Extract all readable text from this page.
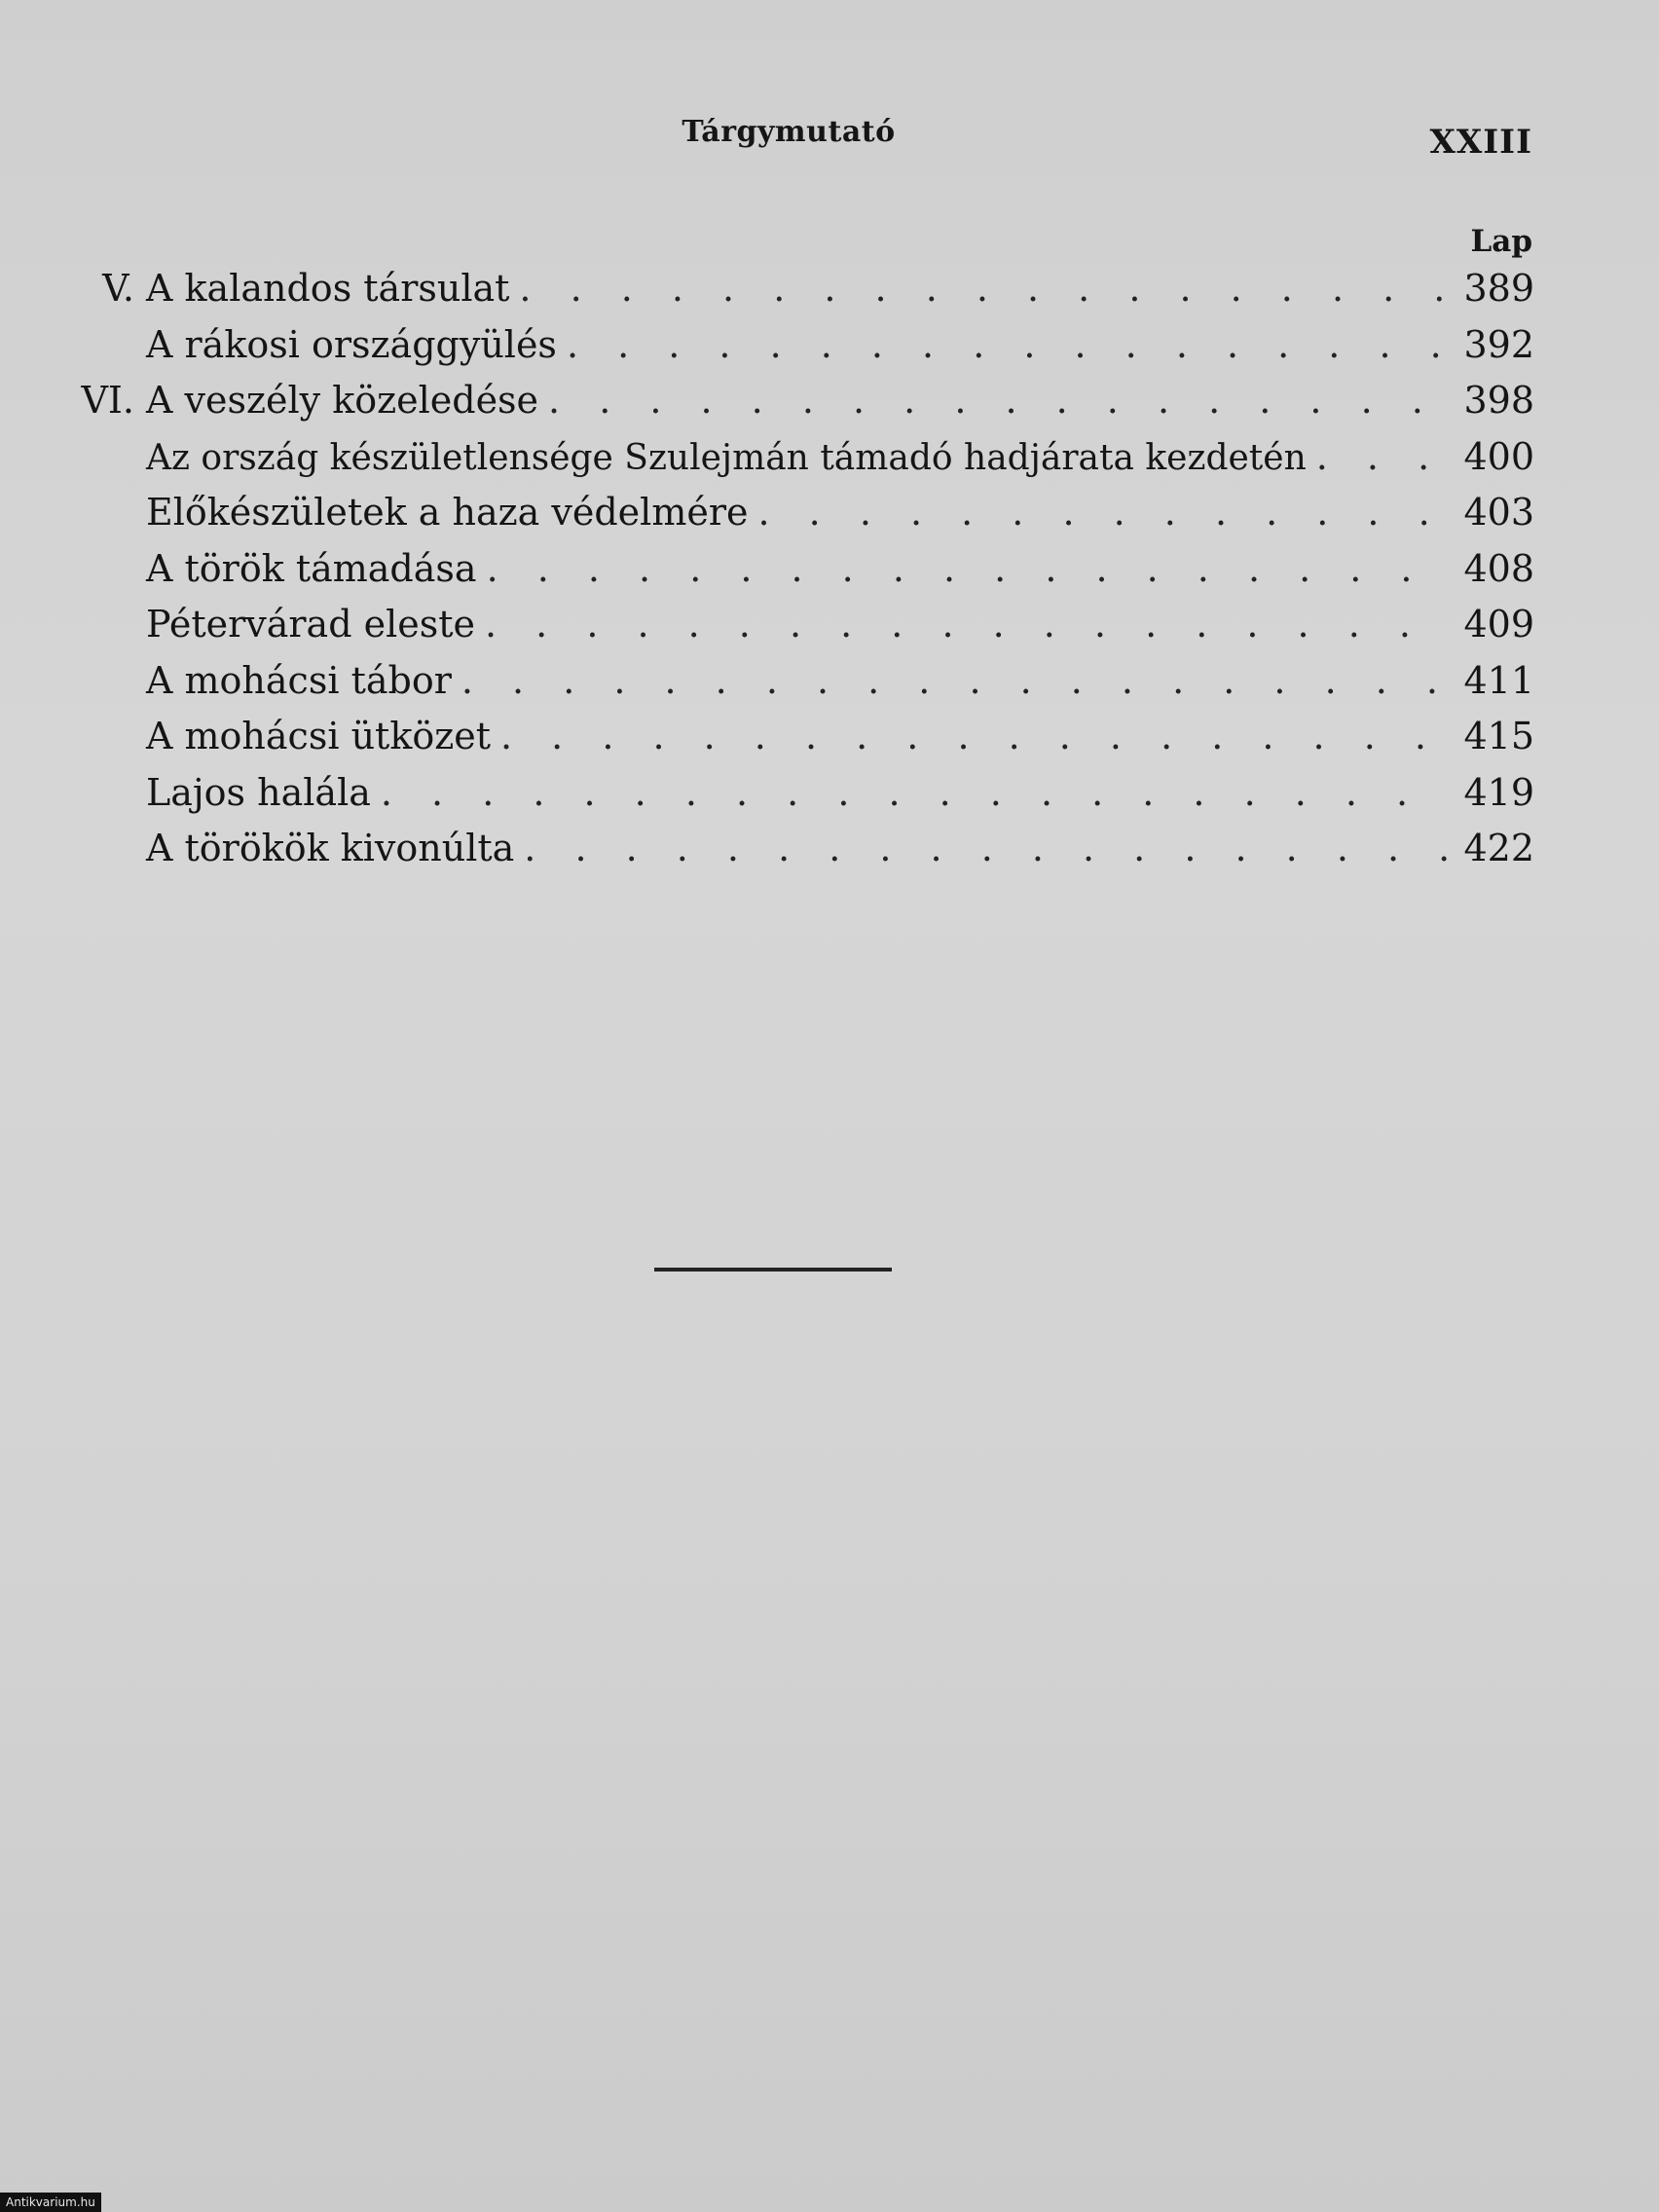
Tárgymutató	XXIII
Lap
V. A kalandos társulat . . .	389
A rákosi országgyülés . . .	392
VI. A veszély közeledése . . .	398
Az ország készületlensége Szulejmán támadó hadjárata kezdetén . . .	400
Előkészületek a haza védelmére . . .	403
A török támadása . . .	408
Pétervárad eleste . . .	409
A mohácsi tábor . . .	411
A mohácsi ütközet . . .	415
Lajos halála . . .	419
A törökök kivonúlta . . .	422
Antikvarium.hu
